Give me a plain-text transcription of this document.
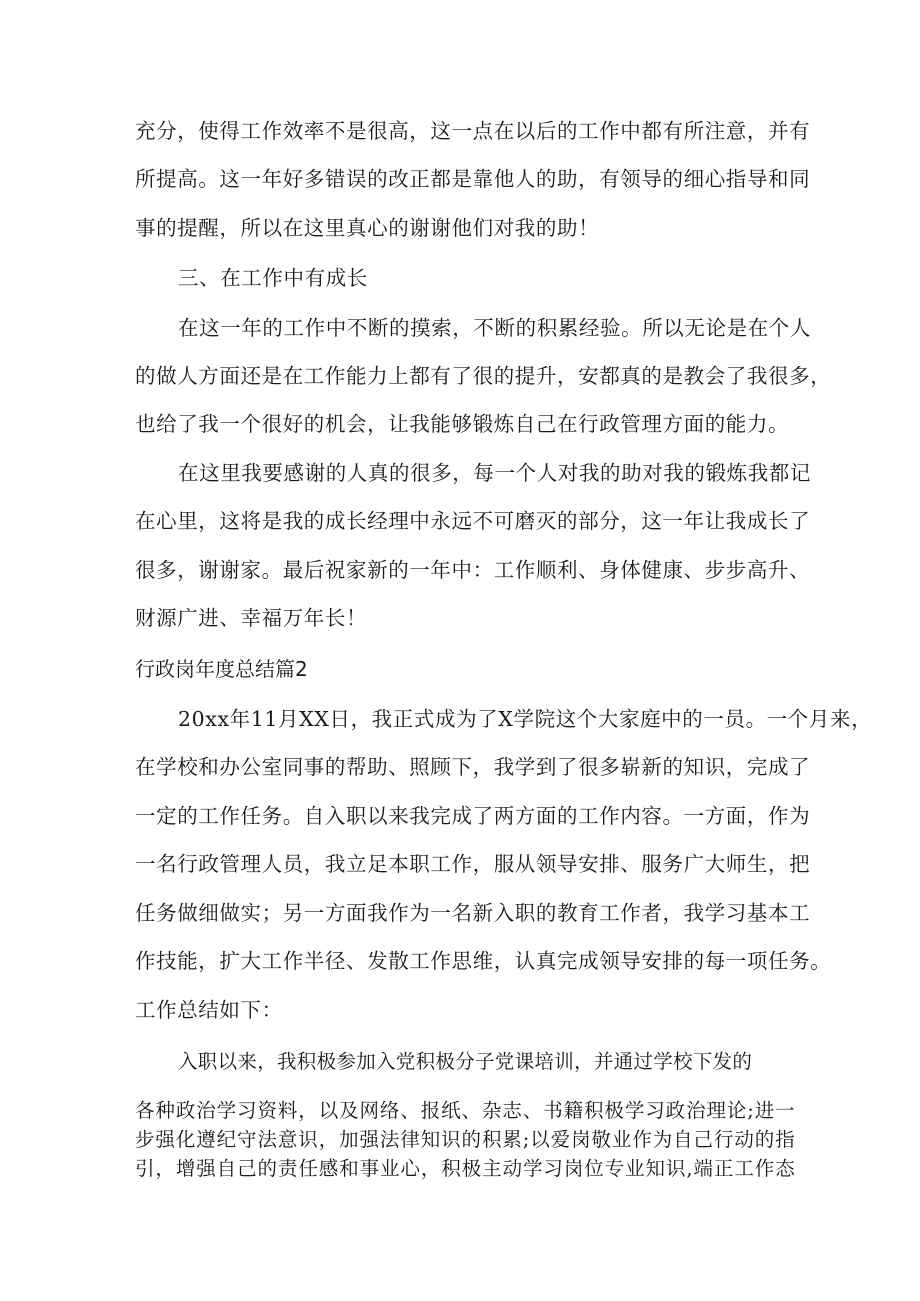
充分，使得工作效率不是很高，这一点在以后的工作中都有所注意，并有
所提高。这一年好多错误的改正都是靠他人的助，有领导的细心指导和同
事的提醒，所以在这里真心的谢谢他们对我的助！
三、在工作中有成长
在这一年的工作中不断的摸索，不断的积累经验。所以无论是在个人
的做人方面还是在工作能力上都有了很的提升，安都真的是教会了我很多，
也给了我一个很好的机会，让我能够锻炼自己在行政管理方面的能力。
在这里我要感谢的人真的很多，每一个人对我的助对我的锻炼我都记
在心里，这将是我的成长经理中永远不可磨灭的部分，这一年让我成长了
很多，谢谢家。最后祝家新的一年中：工作顺利、身体健康、步步高升、
财源广进、幸福万年长！
行政岗年度总结篇2
20xx年11月XX日，我正式成为了X学院这个大家庭中的一员。一个月来，
在学校和办公室同事的帮助、照顾下，我学到了很多崭新的知识，完成了
一定的工作任务。自入职以来我完成了两方面的工作内容。一方面，作为
一名行政管理人员，我立足本职工作，服从领导安排、服务广大师生，把
任务做细做实；另一方面我作为一名新入职的教育工作者，我学习基本工
作技能，扩大工作半径、发散工作思维，认真完成领导安排的每一项任务。
工作总结如下：
入职以来，我积极参加入党积极分子党课培训，并通过学校下发的
各种政治学习资料，以及网络、报纸、杂志、书籍积极学习政治理论;进一
步强化遵纪守法意识，加强法律知识的积累;以爱岗敬业作为自己行动的指
引，增强自己的责任感和事业心，积极主动学习岗位专业知识,端正工作态
